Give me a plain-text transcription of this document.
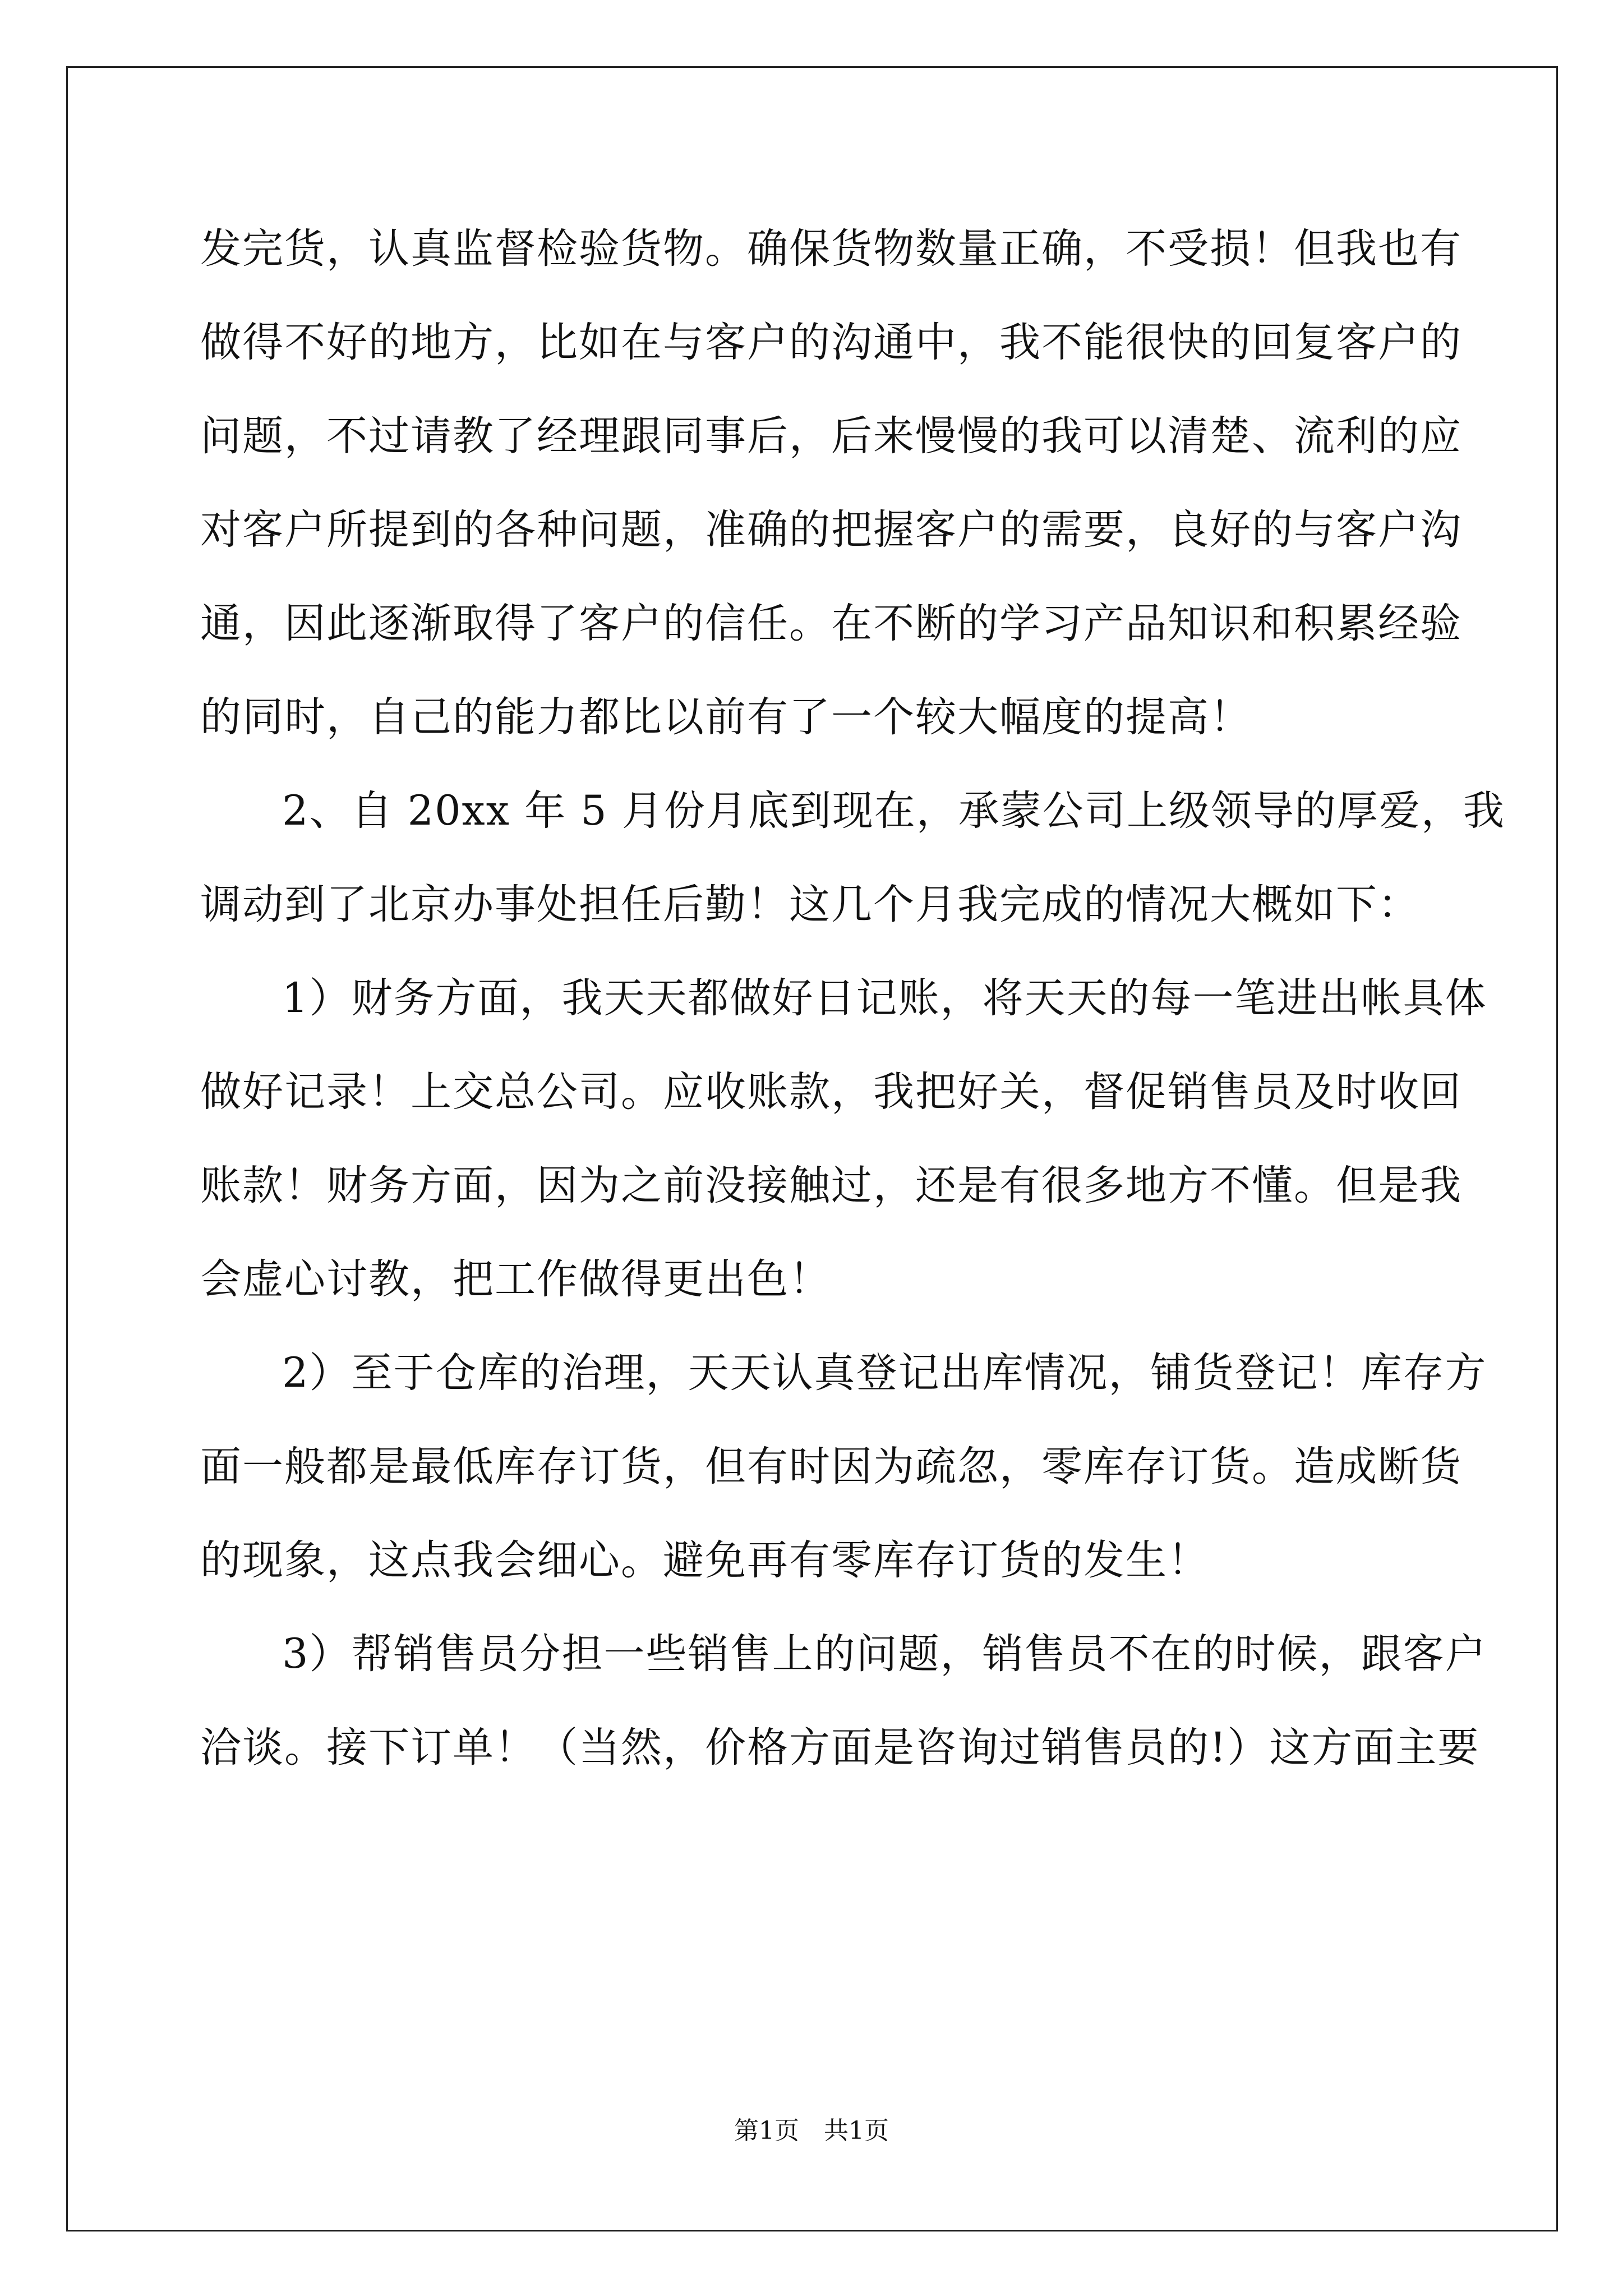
发完货，认真监督检验货物。确保货物数量正确，不受损！但我也有
做得不好的地方，比如在与客户的沟通中，我不能很快的回复客户的
问题，不过请教了经理跟同事后，后来慢慢的我可以清楚、流利的应
对客户所提到的各种问题，准确的把握客户的需要，良好的与客户沟
通，因此逐渐取得了客户的信任。在不断的学习产品知识和积累经验
的同时，自己的能力都比以前有了一个较大幅度的提高！

2、自 20xx 年 5 月份月底到现在，承蒙公司上级领导的厚爱，我
调动到了北京办事处担任后勤！这几个月我完成的情况大概如下：

1）财务方面，我天天都做好日记账，将天天的每一笔进出帐具体
做好记录！上交总公司。应收账款，我把好关，督促销售员及时收回
账款！财务方面，因为之前没接触过，还是有很多地方不懂。但是我
会虚心讨教，把工作做得更出色！

2）至于仓库的治理，天天认真登记出库情况，铺货登记！库存方
面一般都是最低库存订货，但有时因为疏忽，零库存订货。造成断货
的现象，这点我会细心。避免再有零库存订货的发生！

3）帮销售员分担一些销售上的问题，销售员不在的时候，跟客户
洽谈。接下订单！（当然，价格方面是咨询过销售员的!）这方面主要

第1页　共1页
